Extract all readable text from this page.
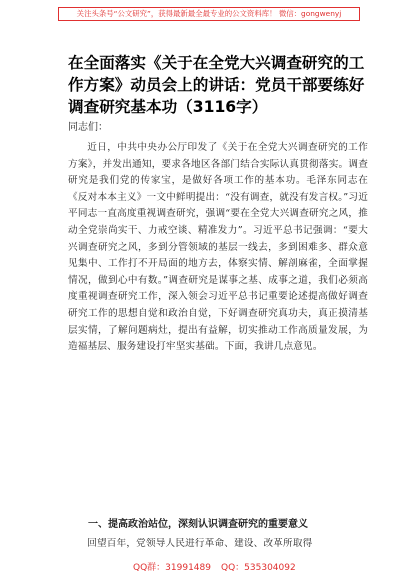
关注头条号“公文研究”，获得最新最全最专业的公文资料库！ 微信：gongwenyj
在全面落实《关于在全党大兴调查研究的工作方案》动员会上的讲话：党员干部要练好调查研究基本功（3116字）

同志们：

近日，中共中央办公厅印发了《关于在全党大兴调查研究的工作方案》，并发出通知，要求各地区各部门结合实际认真贯彻落实。调查研究是我们党的传家宝，是做好各项工作的基本功。毛泽东同志在《反对本本主义》一文中鲜明提出：“没有调查，就没有发言权。”习近平同志一直高度重视调查研究，强调“要在全党大兴调查研究之风，推动全党崇尚实干、力戒空谈、精准发力”。习近平总书记强调：“要大兴调查研究之风，多到分管领域的基层一线去，多到困难多、群众意见集中、工作打不开局面的地方去，体察实情、解剖麻雀，全面掌握情况，做到心中有数。”调查研究是谋事之基、成事之道，我们必须高度重视调查研究工作，深入领会习近平总书记重要论述提高做好调查研究工作的思想自觉和政治自觉，下好调查研究真功夫，真正摸清基层实情，了解问题病灶，提出有益解，切实推动工作高质量发展，为造福基层、服务建设打牢坚实基础。下面，我讲几点意见。

一、提高政治站位，深刻认识调查研究的重要意义

回望百年，党领导人民进行革命、建设、改革所取得

QQ群：31991489 QQ：535304092
